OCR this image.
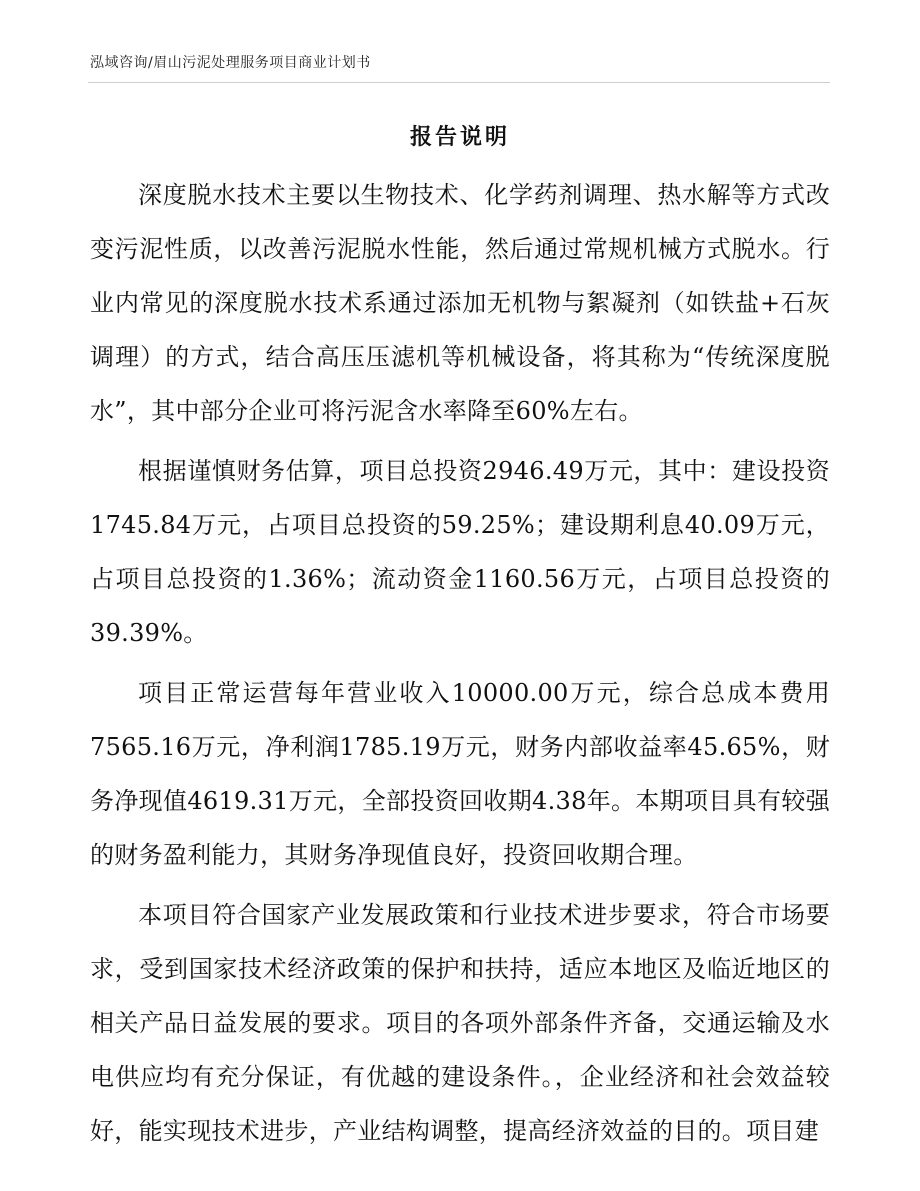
泓域咨询/眉山污泥处理服务项目商业计划书
报告说明

深度脱水技术主要以生物技术、化学药剂调理、热水解等方式改变污泥性质，以改善污泥脱水性能，然后通过常规机械方式脱水。行业内常见的深度脱水技术系通过添加无机物与絮凝剂（如铁盐+石灰调理）的方式，结合高压压滤机等机械设备，将其称为“传统深度脱水”，其中部分企业可将污泥含水率降至60%左右。

根据谨慎财务估算，项目总投资2946.49万元，其中：建设投资1745.84万元，占项目总投资的59.25%；建设期利息40.09万元，占项目总投资的1.36%；流动资金1160.56万元，占项目总投资的39.39%。

项目正常运营每年营业收入10000.00万元，综合总成本费用7565.16万元，净利润1785.19万元，财务内部收益率45.65%，财务净现值4619.31万元，全部投资回收期4.38年。本期项目具有较强的财务盈利能力，其财务净现值良好，投资回收期合理。

本项目符合国家产业发展政策和行业技术进步要求，符合市场要求，受到国家技术经济政策的保护和扶持，适应本地区及临近地区的相关产品日益发展的要求。项目的各项外部条件齐备，交通运输及水电供应均有充分保证，有优越的建设条件。，企业经济和社会效益较好，能实现技术进步，产业结构调整，提高经济效益的目的。项目建
